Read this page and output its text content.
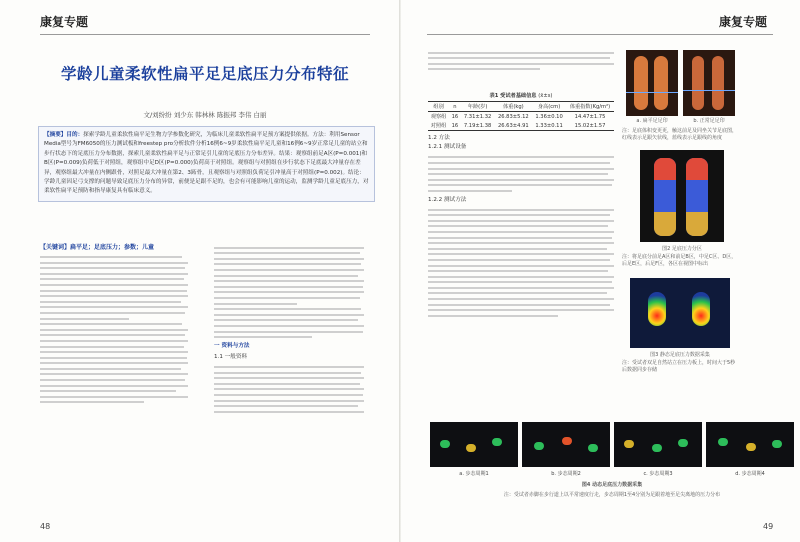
康复专题
学龄儿童柔软性扁平足足底压力分布特征
文/刘纷纷 刘少东 韩林林 陈振邦 李伟 白丽
【摘要】目的：探索学龄儿童柔软性扁平足生物力学参数化研究，为临床儿童柔软性扁平足预方案提供依据。方法：利用Sensor Media型号为FM6050的压力测试板和freestep pro分析软件分析16例6~9岁柔软性扁平足儿童和16例6~9岁正常足儿童的站立和步行状态下的足底压力分布数据，探索儿童柔软性扁平足与正常足引儿童的足底压力分布差异。结果：观察组前足A区(P=0.001)和B区(P=0.009)负荷低于对照组，观察组中足D区(P=0.000)负荷高于对照组。观察组与对照组在步行状态下足底最大冲量存在差异，观察组最大冲量在内侧跟骨，对照足最大冲量在第2、3跖骨，且观察组与对照组负荷足引冲量高于对照组(P=0.002)。结论：学龄儿童因足弓支撑的问题导致足底压力分布的异常，前便是足跟不足的，也会有可能影响儿童的运动，监测学龄儿童足底压力，对柔软性扁平足预防和指导康复具有临床意义。
【关键词】扁平足；足底压力；参数；儿童
一 资料与方法
1.1 一般资料
48
康复专题
表1 受试者基础信息 (x̄±s)
组别	n	年龄(岁)	体重(kg)	身高(cm)	体重指数(Kg/m²)
观察组	16	7.31±1.32	26.83±5.12	1.36±0.10	14.47±1.75
对照组	16	7.19±1.38	26.63±4.91	1.33±0.11	15.02±1.57
1.2 方法
1.2.1 测试设备
1.2.2 测试方法
a. 扁平足足印	b. 正常足足印
注：足底体积变更更，触这前足及同坐关节足底图，红线表示足跟矢状线，蓝线表示足跟线的角度
图2 足底压力分区
注：将足底分前足A区和前足B区，中足C区、D区，后足E区，后足F区，各区在视图中标出
图3 静态足底压力数据采集
注：受试者双足自然站立在压力板上，时间大于5秒后数据同步存储
a. 步态周期1	b. 步态周期2	c. 步态周期3	d. 步态周期4
图4 动态足底压力数据采集
注：受试者赤脚在步行道上以平常速度行走，步态周期1至4分别为足跟着地至足尖离地的压力分布
49
